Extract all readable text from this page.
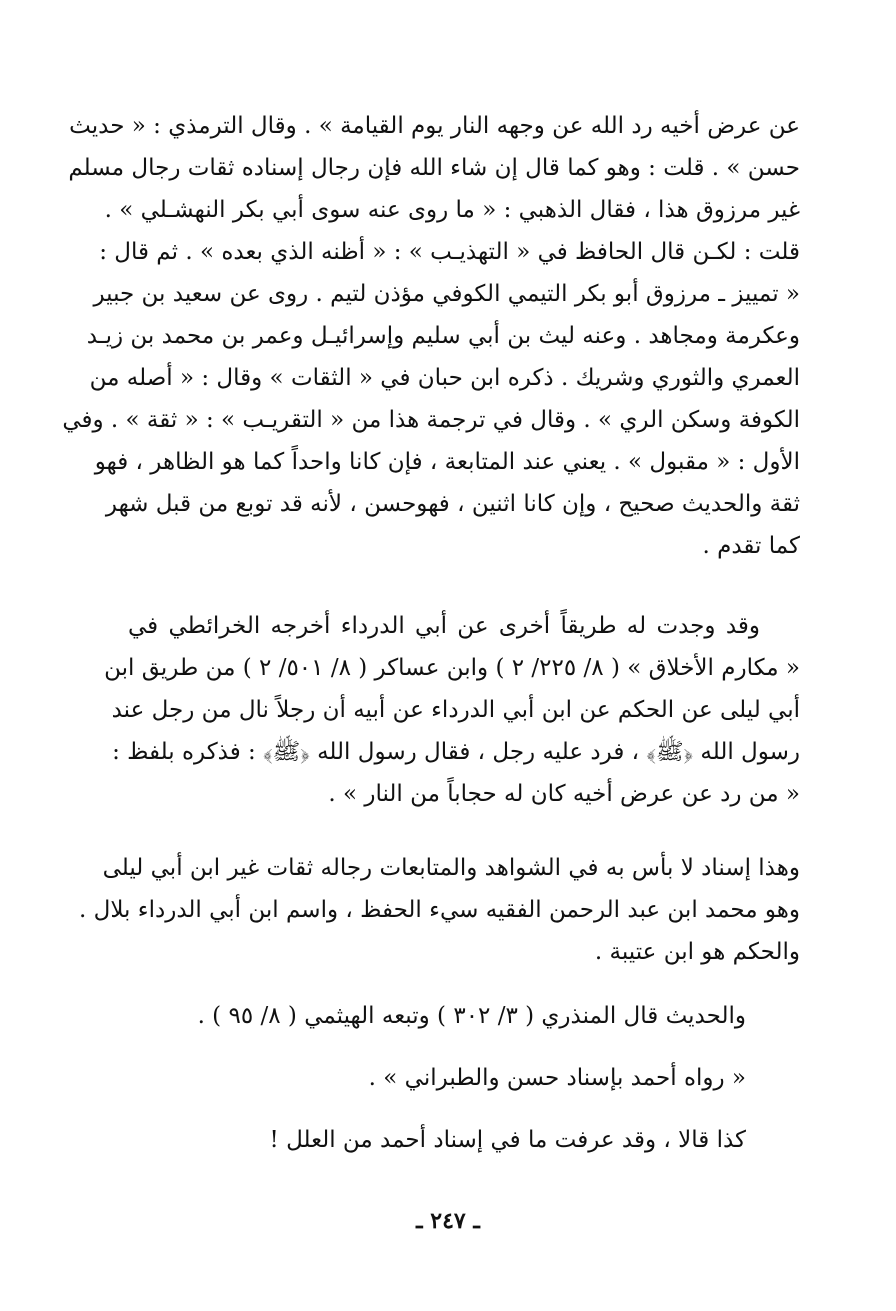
عن عرض أخيه رد الله عن وجهه النار يوم القيامة » . وقال الترمذي : « حديث
حسن » . قلت : وهو كما قال إن شاء الله فإن رجال إسناده ثقات رجال مسلم
غير مرزوق هذا ، فقال الذهبي : « ما روى عنه سوى أبي بكر النهشـلي » .
قلت : لكـن قال الحافظ في « التهذيـب » : « أظنه الذي بعده » . ثم قال :
« تمييز ـ مرزوق أبو بكر التيمي الكوفي مؤذن لتيم . روى عن سعيد بن جبير
وعكرمة ومجاهد . وعنه ليث بن أبي سليم وإسرائيـل وعمر بن محمد بن زيـد
العمري والثوري وشريك . ذكره ابن حبان في « الثقات » وقال : « أصله من
الكوفة وسكن الري » . وقال في ترجمة هذا من « التقريـب » : « ثقة » . وفي
الأول : « مقبول » . يعني عند المتابعة ، فإن كانا واحداً كما هو الظاهر ، فهو
ثقة والحديث صحيح ، وإن كانا اثنين ، فهوحسن ، لأنه قد توبع من قبل شهر
كما تقدم .
وقد وجدت له طريقاً أخرى عن أبي الدرداء أخرجه الخرائطي في
« مكارم الأخلاق » ( ٨/ ٢٢٥/ ٢ ) وابن عساكر ( ٨/ ٥٠١/ ٢ ) من طريق ابن
أبي ليلى عن الحكم عن ابن أبي الدرداء عن أبيه أن رجلاً نال من رجل عند
رسول الله ﴿ﷺ﴾ ، فرد عليه رجل ، فقال رسول الله ﴿ﷺ﴾ : فذكره بلفظ :
« من رد عن عرض أخيه كان له حجاباً من النار » .
وهذا إسناد لا بأس به في الشواهد والمتابعات رجاله ثقات غير ابن أبي ليلى
وهو محمد ابن عبد الرحمن الفقيه سيء الحفظ ، واسم ابن أبي الدرداء بلال .
والحكم هو ابن عتيبة .
والحديث قال المنذري ( ٣/ ٣٠٢ ) وتبعه الهيثمي ( ٨/ ٩٥ ) .
« رواه أحمد بإسناد حسن والطبراني » .
كذا قالا ، وقد عرفت ما في إسناد أحمد من العلل !
ـ ٢٤٧ ـ
